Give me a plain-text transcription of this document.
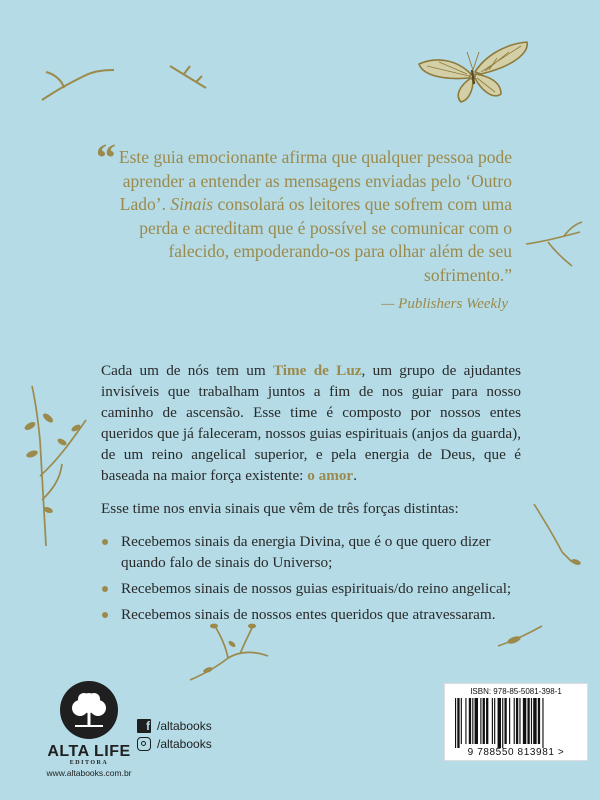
“ Este guia emocionante afirma que qualquer pessoa pode aprender a entender as mensagens enviadas pelo ‘Outro Lado’. Sinais consolará os leitores que sofrem com uma perda e acreditam que é possível se comunicar com o falecido, empoderando-os para olhar além de seu sofrimento.”

— Publishers Weekly

Cada um de nós tem um Time de Luz, um grupo de ajudantes invisíveis que trabalham juntos a fim de nos guiar para nosso caminho de ascensão. Esse time é composto por nossos entes queridos que já faleceram, nossos guias espirituais (anjos da guarda), de um reino angelical superior, e pela energia de Deus, que é baseada na maior força existente: o amor.

Esse time nos envia sinais que vêm de três forças distintas:

Recebemos sinais da energia Divina, que é o que quero dizer quando falo de sinais do Universo;
Recebemos sinais de nossos guias espirituais/do reino angelical;
Recebemos sinais de nossos entes queridos que atravessaram.
ALTA LIFE
EDITORA
www.altabooks.com.br
f /altabooks
/altabooks
ISBN: 978-85-5081-398-1
9 788550 813981 >
